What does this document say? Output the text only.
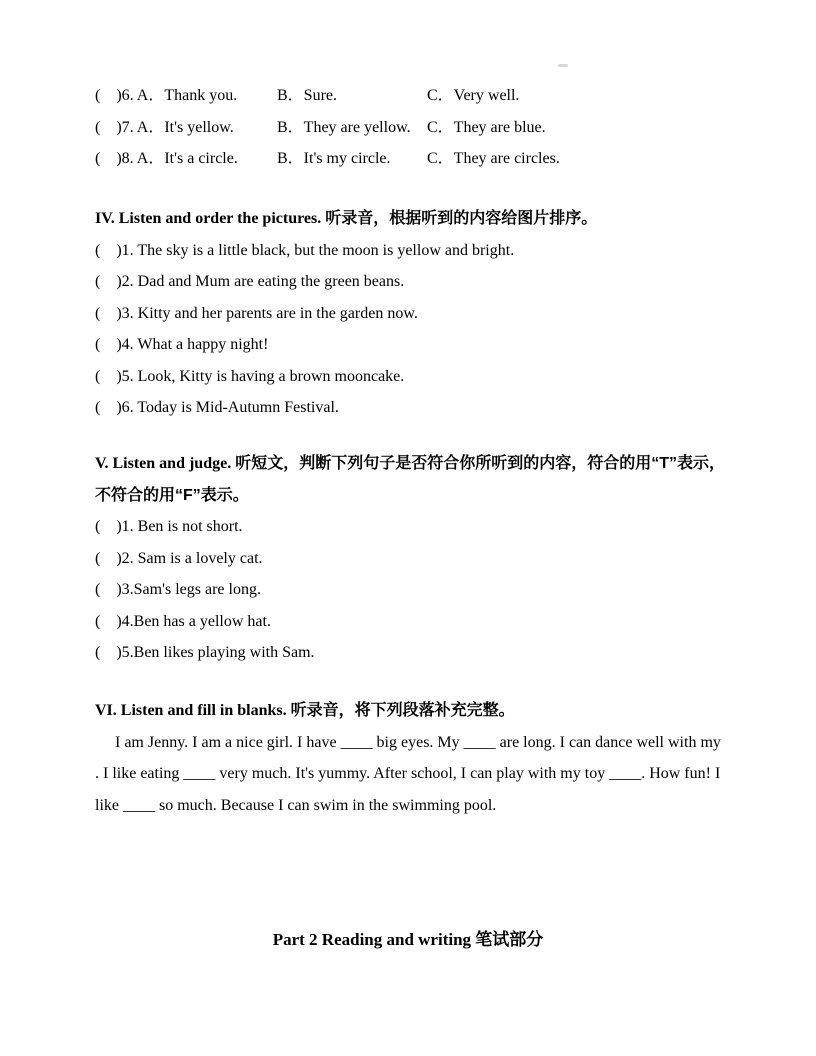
(    )6. A．Thank you. B．Sure.	C．Very well.
(    )7. A．It's yellow.	B．They are yellow. C．They are blue.
(    )8. A．It's a circle. B．It's my circle. C．They are circles.
IV. Listen and order the pictures. 听录音，根据听到的内容给图片排序。
(    )1. The sky is a little black, but the moon is yellow and bright.
(    )2. Dad and Mum are eating the green beans.
(    )3. Kitty and her parents are in the garden now.
(    )4. What a happy night!
(    )5. Look, Kitty is having a brown mooncake.
(    )6. Today is Mid-Autumn Festival.
V. Listen and judge. 听短文，判断下列句子是否符合你所听到的内容，符合的用“T”表示，
不符合的用“F”表示。
(    )1. Ben is not short.
(    )2. Sam is a lovely cat.
(    )3.Sam's legs are long.
(    )4.Ben has a yellow hat.
(    )5.Ben likes playing with Sam.
VI. Listen and fill in blanks. 听录音，将下列段落补充完整。
I am Jenny. I am a nice girl. I have ____ big eyes. My ____ are long. I can dance well with my
. I like eating ____ very much. It's yummy. After school, I can play with my toy ____. How fun! I
like ____ so much. Because I can swim in the swimming pool.
Part 2 Reading and writing 笔试部分
